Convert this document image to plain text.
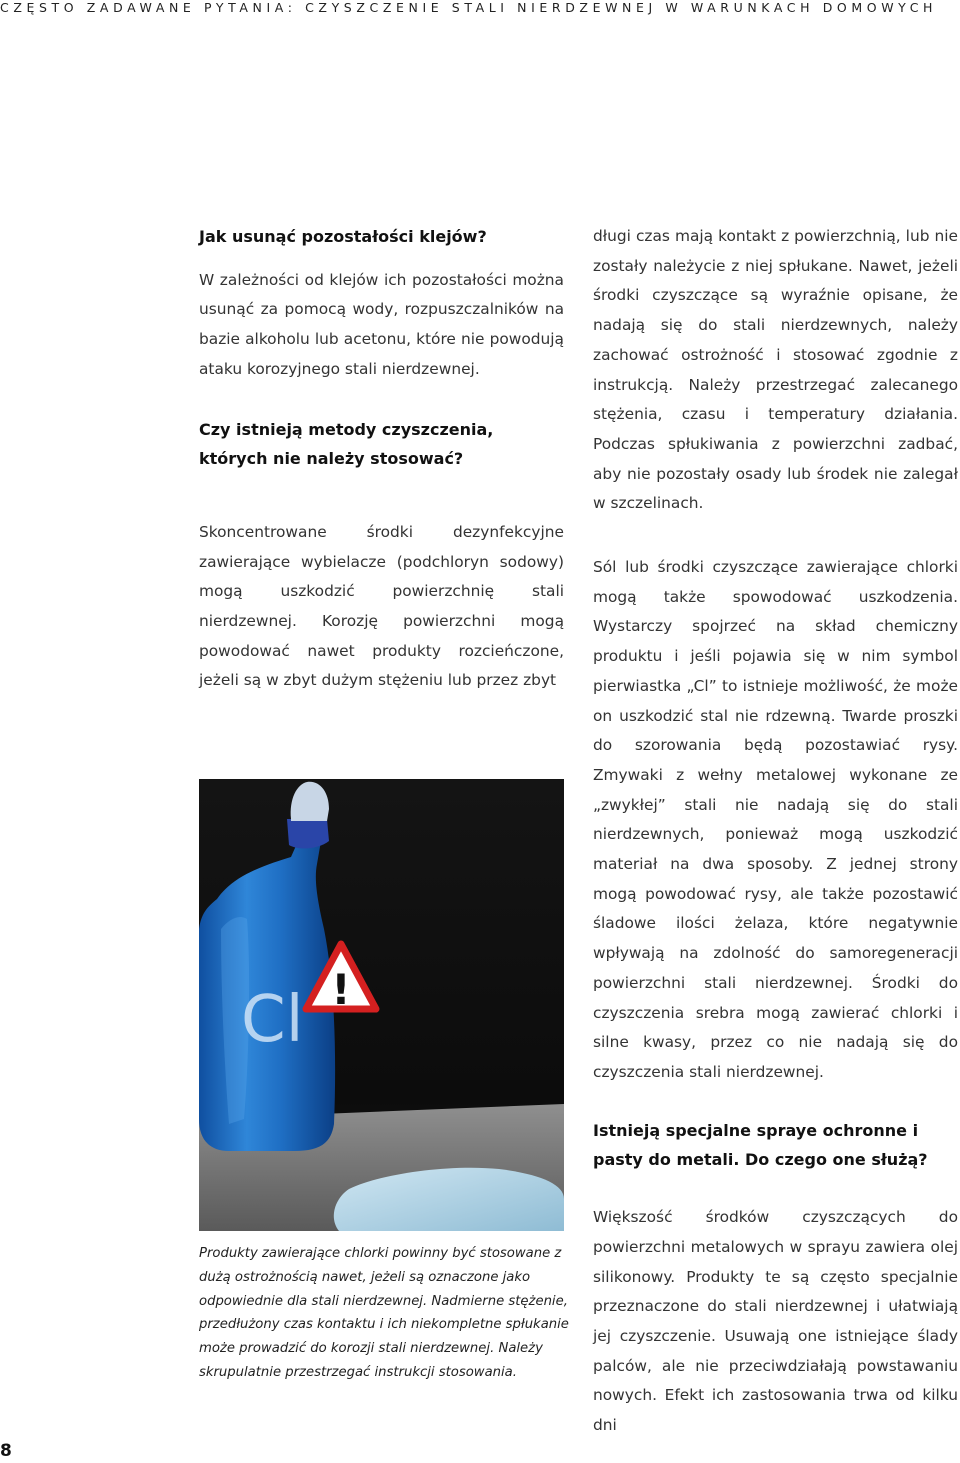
CZĘSTO ZADAWANE PYTANIA: CZYSZCZENIE STALI NIERDZEWNEJ W WARUNKACH DOMOWYCH
Jak usunąć pozostałości klejów?

W zależności od klejów ich pozostałości można usunąć za pomocą wody, rozpuszczalników na bazie alkoholu lub acetonu, które nie powodują ataku korozyjnego stali nierdzewnej.

Czy istnieją metody czyszczenia, których nie należy stosować?

Skoncentrowane środki dezynfekcyjne zawierające wybielacze (podchloryn sodowy) mogą uszkodzić powierzchnię stali nierdzewnej. Korozję powierzchni mogą powodować nawet produkty rozcieńczone, jeżeli są w zbyt dużym stężeniu lub przez zbyt

Cl !
Produkty zawierające chlorki powinny być stosowane z dużą ostrożnością nawet, jeżeli są oznaczone jako odpowiednie dla stali nierdzewnej. Nadmierne stężenie, przedłużony czas kontaktu i ich niekompletne spłukanie może prowadzić do korozji stali nierdzewnej. Należy skrupulatnie przestrzegać instrukcji stosowania.

długi czas mają kontakt z powierzchnią, lub nie zostały należycie z niej spłukane. Nawet, jeżeli środki czyszczące są wyraźnie opisane, że nadają się do stali nierdzewnych, należy zachować ostrożność i stosować zgodnie z instrukcją. Należy przestrzegać zalecanego stężenia, czasu i temperatury działania. Podczas spłukiwania z powierzchni zadbać, aby nie pozostały osady lub środek nie zalegał w szczelinach.

Sól lub środki czyszczące zawierające chlorki mogą także spowodować uszkodzenia. Wystarczy spojrzeć na skład chemiczny produktu i jeśli pojawia się w nim symbol pierwiastka „Cl” to istnieje możliwość, że może on uszkodzić stal nie rdzewną. Twarde proszki do szorowania będą pozostawiać rysy. Zmywaki z wełny metalowej wykonane ze „zwykłej” stali nie nadają się do stali nierdzewnych, ponieważ mogą uszkodzić materiał na dwa sposoby. Z jednej strony mogą powodować rysy, ale także pozostawić śladowe ilości żelaza, które negatywnie wpływają na zdolność do samoregeneracji powierzchni stali nierdzewnej. Środki do czyszczenia srebra mogą zawierać chlorki i silne kwasy, przez co nie nadają się do czyszczenia stali nierdzewnej.

Istnieją specjalne spraye ochronne i pasty do metali. Do czego one służą?

Większość środków czyszczących do powierzchni metalowych w sprayu zawiera olej silikonowy. Produkty te są często specjalnie przeznaczone do stali nierdzewnej i ułatwiają jej czyszczenie. Usuwają one istniejące ślady palców, ale nie przeciwdziałają powstawaniu nowych. Efekt ich zastosowania trwa od kilku dni

8
